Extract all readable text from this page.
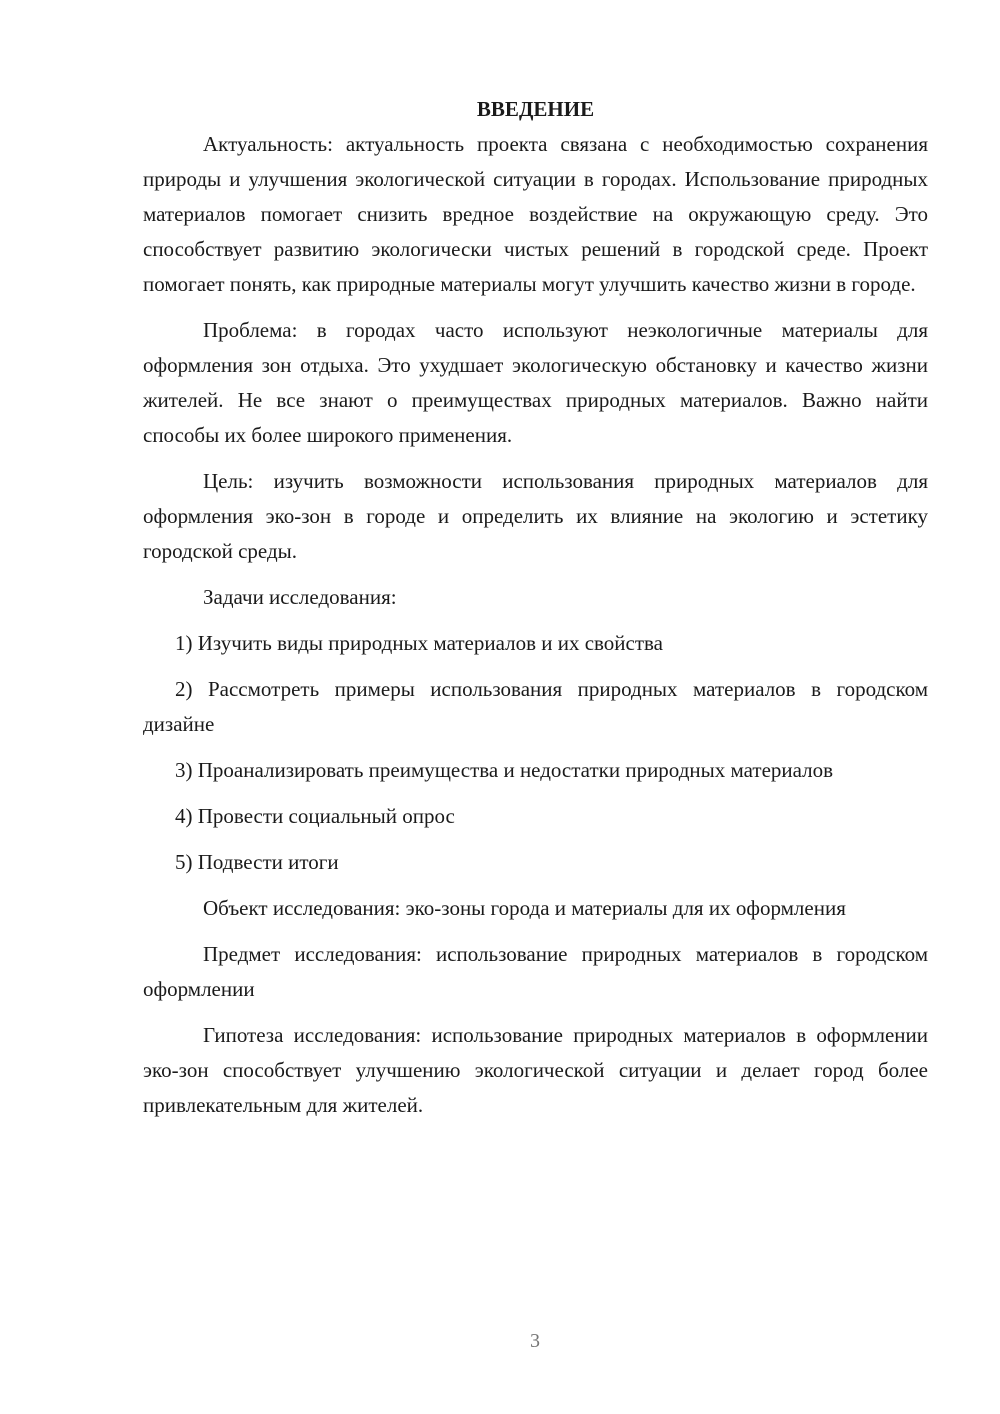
ВВЕДЕНИЕ

Актуальность: актуальность проекта связана с необходимостью сохранения природы и улучшения экологической ситуации в городах. Использование природных материалов помогает снизить вредное воздействие на окружающую среду. Это способствует развитию экологически чистых решений в городской среде. Проект помогает понять, как природные материалы могут улучшить качество жизни в городе.

Проблема: в городах часто используют неэкологичные материалы для оформления зон отдыха. Это ухудшает экологическую обстановку и качество жизни жителей. Не все знают о преимуществах природных материалов. Важно найти способы их более широкого применения.

Цель: изучить возможности использования природных материалов для оформления эко-зон в городе и определить их влияние на экологию и эстетику городской среды.

Задачи исследования:

1) Изучить виды природных материалов и их свойства

2) Рассмотреть примеры использования природных материалов в городском дизайне

3) Проанализировать преимущества и недостатки природных материалов

4) Провести социальный опрос

5) Подвести итоги

Объект исследования: эко-зоны города и материалы для их оформления

Предмет исследования: использование природных материалов в городском оформлении

Гипотеза исследования: использование природных материалов в оформлении эко-зон способствует улучшению экологической ситуации и делает город более привлекательным для жителей.

3
